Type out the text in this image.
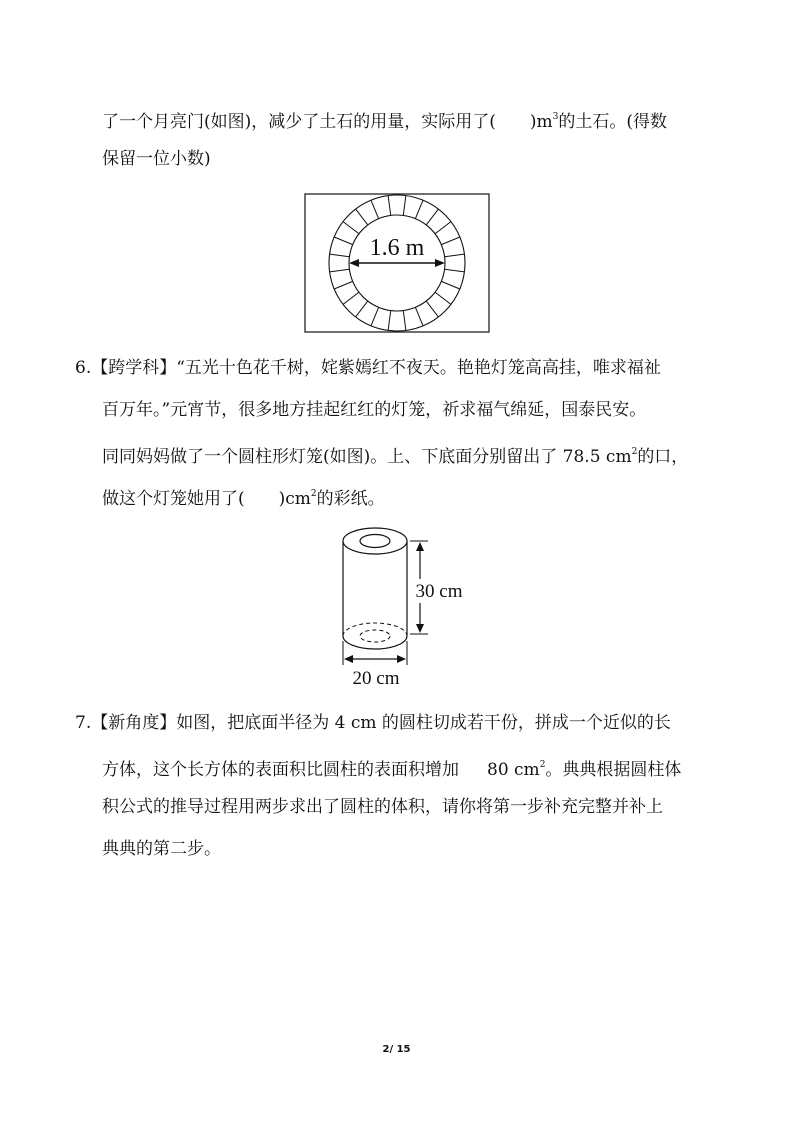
了一个月亮门(如图)，减少了土石的用量，实际用了( )$m^3$的土石。(得数
保留一位小数)
1.6 m
6.【跨学科】“五光十色花千树，姹紫嫣红不夜天。艳艳灯笼高高挂，唯求福祉
百万年。”元宵节，很多地方挂起红红的灯笼，祈求福气绵延，国泰民安。
同同妈妈做了一个圆柱形灯笼(如图)。上、下底面分别留出了 78.5 $cm^2$的口，
做这个灯笼她用了( )$cm^2$的彩纸。
30 cm
20 cm
7.【新角度】如图，把底面半径为 4 cm 的圆柱切成若干份，拼成一个近似的长
方体，这个长方体的表面积比圆柱的表面积增加 80 $cm^2$。典典根据圆柱体
积公式的推导过程用两步求出了圆柱的体积，请你将第一步补充完整并补上
典典的第二步。
2/ 15
